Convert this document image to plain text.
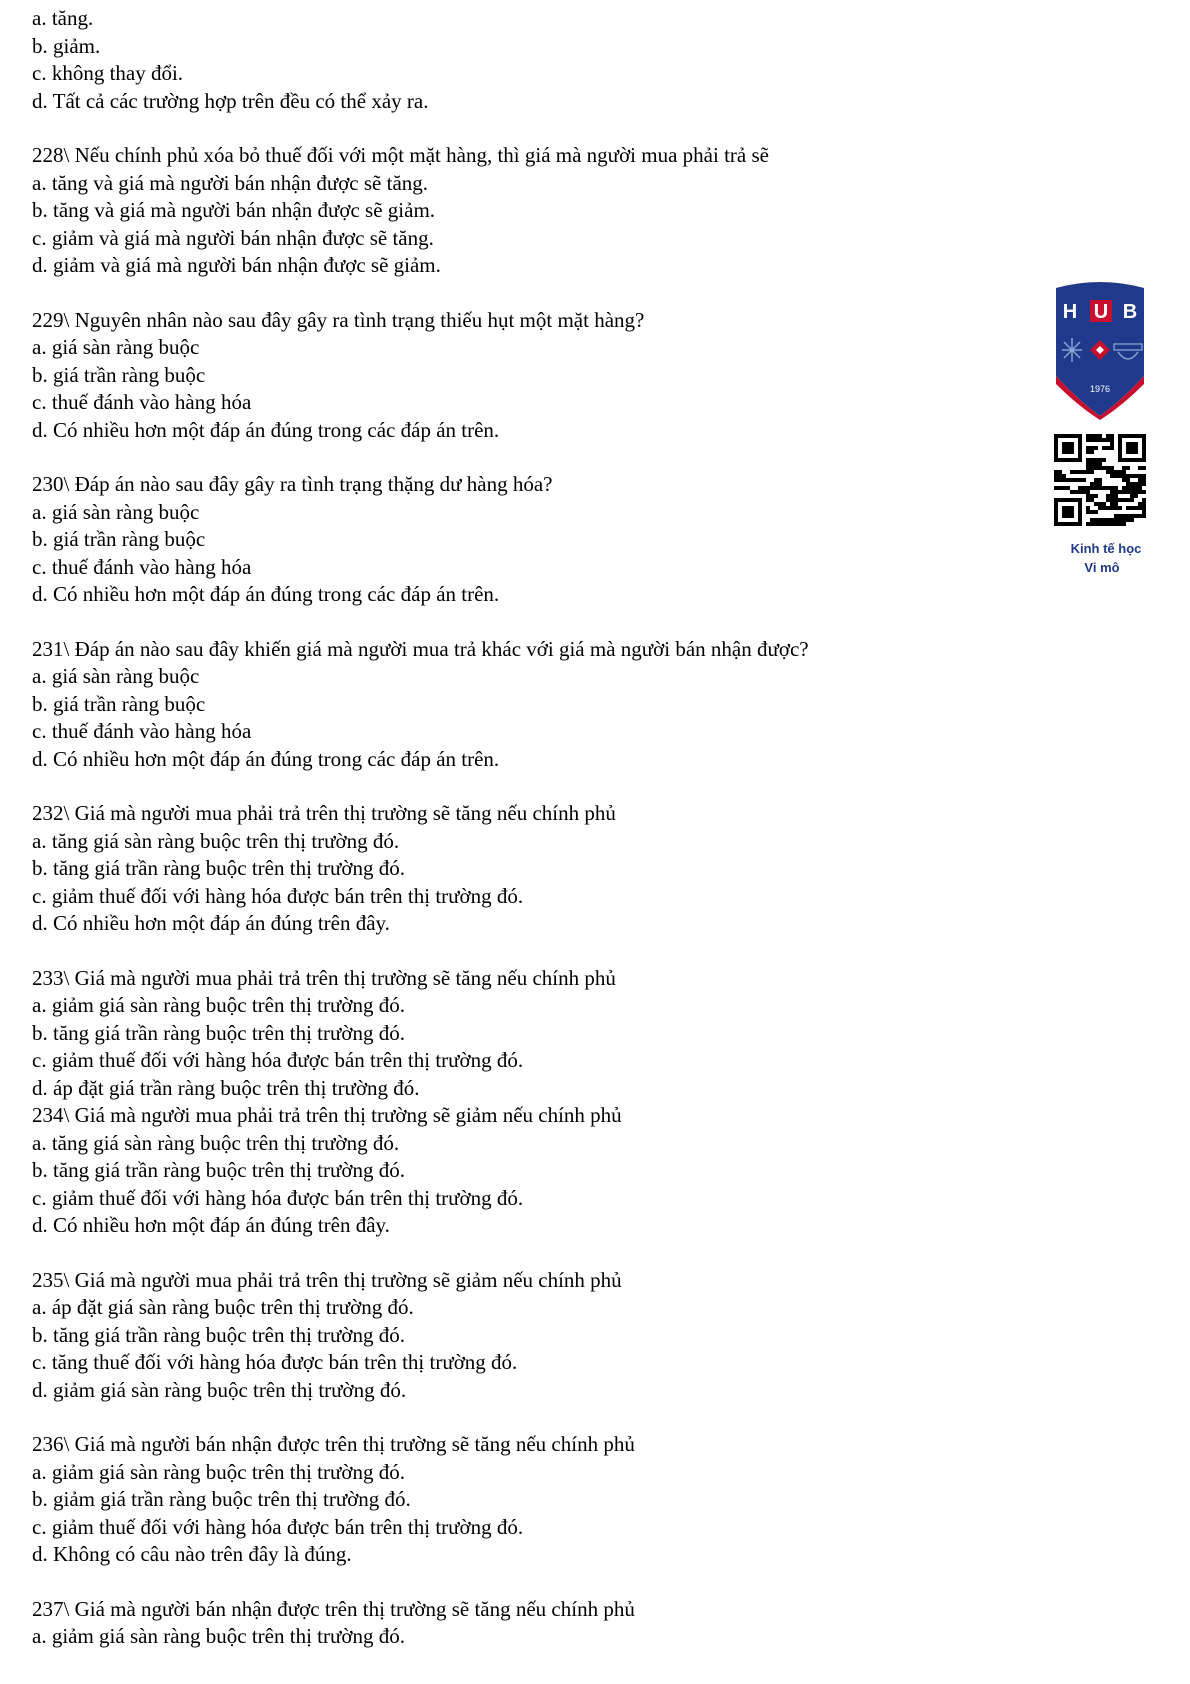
a. tăng.
b. giảm.
c. không thay đổi.
d. Tất cả các trường hợp trên đều có thể xảy ra.
228\ Nếu chính phủ xóa bỏ thuế đối với một mặt hàng, thì giá mà người mua phải trả sẽ
a. tăng và giá mà người bán nhận được sẽ tăng.
b. tăng và giá mà người bán nhận được sẽ giảm.
c. giảm và giá mà người bán nhận được sẽ tăng.
d. giảm và giá mà người bán nhận được sẽ giảm.
229\ Nguyên nhân nào sau đây gây ra tình trạng thiếu hụt một mặt hàng?
a. giá sàn ràng buộc
b. giá trần ràng buộc
c. thuế đánh vào hàng hóa
d. Có nhiều hơn một đáp án đúng trong các đáp án trên.
230\ Đáp án nào sau đây gây ra tình trạng thặng dư hàng hóa?
a. giá sàn ràng buộc
b. giá trần ràng buộc
c. thuế đánh vào hàng hóa
d. Có nhiều hơn một đáp án đúng trong các đáp án trên.
231\ Đáp án nào sau đây khiến giá mà người mua trả khác với giá mà người bán nhận được?
a. giá sàn ràng buộc
b. giá trần ràng buộc
c. thuế đánh vào hàng hóa
d. Có nhiều hơn một đáp án đúng trong các đáp án trên.
232\ Giá mà người mua phải trả trên thị trường sẽ tăng nếu chính phủ
a. tăng giá sàn ràng buộc trên thị trường đó.
b. tăng giá trần ràng buộc trên thị trường đó.
c. giảm thuế đối với hàng hóa được bán trên thị trường đó.
d. Có nhiều hơn một đáp án đúng trên đây.
233\ Giá mà người mua phải trả trên thị trường sẽ tăng nếu chính phủ
a. giảm giá sàn ràng buộc trên thị trường đó.
b. tăng giá trần ràng buộc trên thị trường đó.
c. giảm thuế đối với hàng hóa được bán trên thị trường đó.
d. áp đặt giá trần ràng buộc trên thị trường đó.
234\ Giá mà người mua phải trả trên thị trường sẽ giảm nếu chính phủ
a. tăng giá sàn ràng buộc trên thị trường đó.
b. tăng giá trần ràng buộc trên thị trường đó.
c. giảm thuế đối với hàng hóa được bán trên thị trường đó.
d. Có nhiều hơn một đáp án đúng trên đây.
235\ Giá mà người mua phải trả trên thị trường sẽ giảm nếu chính phủ
a. áp đặt giá sàn ràng buộc trên thị trường đó.
b. tăng giá trần ràng buộc trên thị trường đó.
c. tăng thuế đối với hàng hóa được bán trên thị trường đó.
d. giảm giá sàn ràng buộc trên thị trường đó.
236\ Giá mà người bán nhận được trên thị trường sẽ tăng nếu chính phủ
a. giảm giá sàn ràng buộc trên thị trường đó.
b. giảm giá trần ràng buộc trên thị trường đó.
c. giảm thuế đối với hàng hóa được bán trên thị trường đó.
d. Không có câu nào trên đây là đúng.
237\ Giá mà người bán nhận được trên thị trường sẽ tăng nếu chính phủ
a. giảm giá sàn ràng buộc trên thị trường đó.
H U B
1976
Kinh tế học
Vi mô
